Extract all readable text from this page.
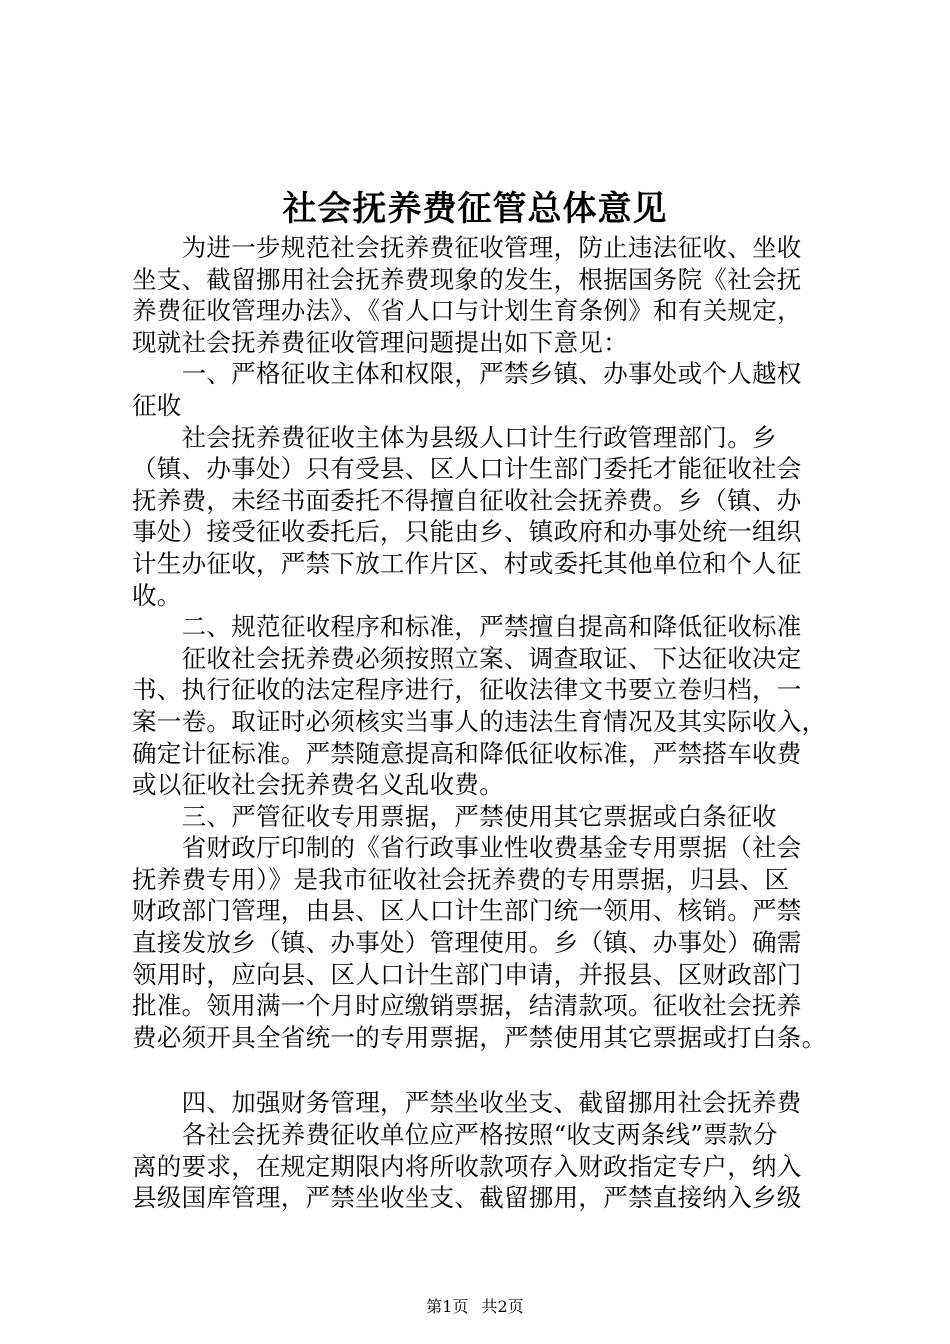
社会抚养费征管总体意见
　　为进一步规范社会抚养费征收管理，防止违法征收、坐收
坐支、截留挪用社会抚养费现象的发生，根据国务院《社会抚
养费征收管理办法》、《省人口与计划生育条例》和有关规定，
现就社会抚养费征收管理问题提出如下意见：
　　一、严格征收主体和权限，严禁乡镇、办事处或个人越权
征收
　　社会抚养费征收主体为县级人口计生行政管理部门。乡
（镇、办事处）只有受县、区人口计生部门委托才能征收社会
抚养费，未经书面委托不得擅自征收社会抚养费。乡（镇、办
事处）接受征收委托后，只能由乡、镇政府和办事处统一组织
计生办征收，严禁下放工作片区、村或委托其他单位和个人征
收。
　　二、规范征收程序和标准，严禁擅自提高和降低征收标准
　　征收社会抚养费必须按照立案、调查取证、下达征收决定
书、执行征收的法定程序进行，征收法律文书要立卷归档，一
案一卷。取证时必须核实当事人的违法生育情况及其实际收入，
确定计征标准。严禁随意提高和降低征收标准，严禁搭车收费
或以征收社会抚养费名义乱收费。
　　三、严管征收专用票据，严禁使用其它票据或白条征收
　　省财政厅印制的《省行政事业性收费基金专用票据（社会
抚养费专用）》是我市征收社会抚养费的专用票据，归县、区
财政部门管理，由县、区人口计生部门统一领用、核销。严禁
直接发放乡（镇、办事处）管理使用。乡（镇、办事处）确需
领用时，应向县、区人口计生部门申请，并报县、区财政部门
批准。领用满一个月时应缴销票据，结清款项。征收社会抚养
费必须开具全省统一的专用票据，严禁使用其它票据或打白条。
　　四、加强财务管理，严禁坐收坐支、截留挪用社会抚养费
　　各社会抚养费征收单位应严格按照“收支两条线”票款分
离的要求，在规定期限内将所收款项存入财政指定专户，纳入
县级国库管理，严禁坐收坐支、截留挪用，严禁直接纳入乡级
第1页 共2页
